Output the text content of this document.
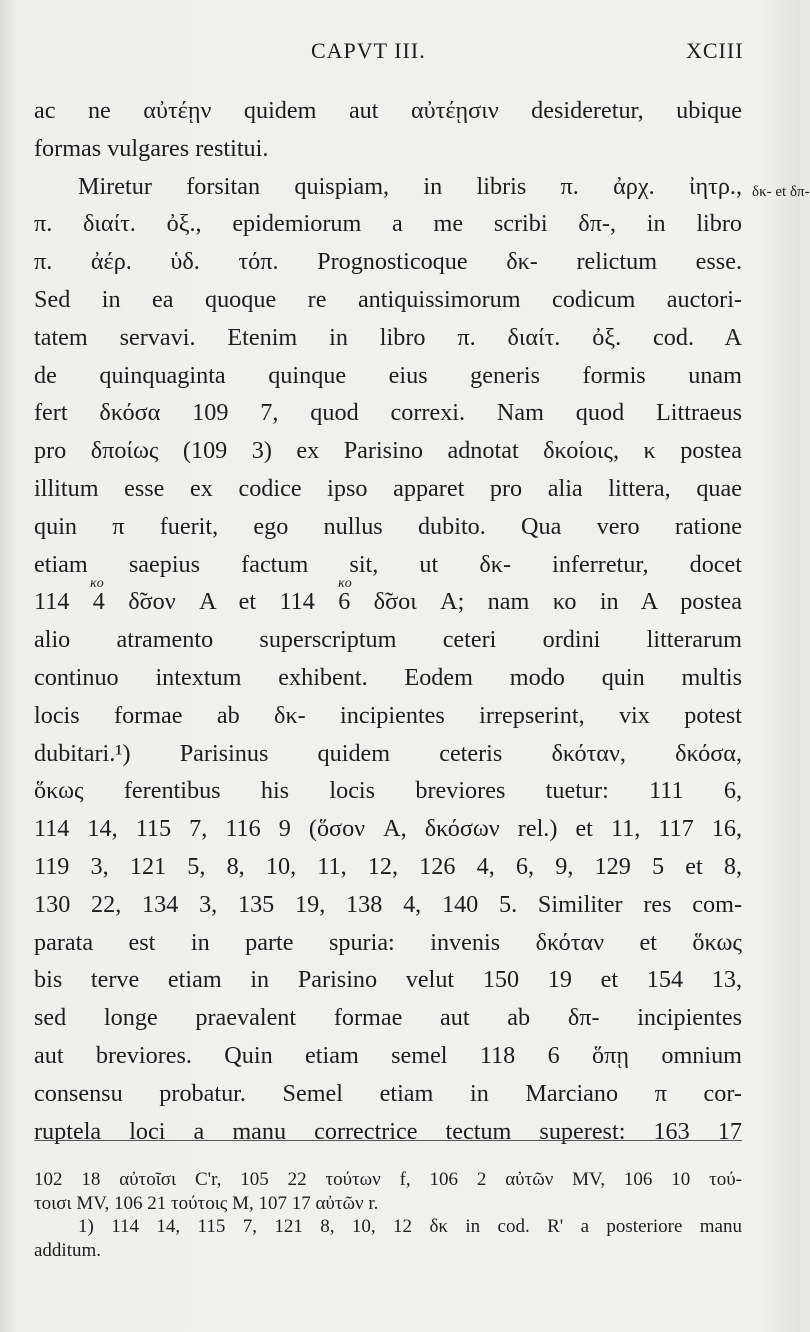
CAPVT III.	XCIII
δκ- et δπ-
ac ne αὐτέῃν quidem aut αὐτέῃσιν desideretur, ubique
formas vulgares restitui.
Miretur forsitan quispiam, in libris π. ἀρχ. ἰητρ.,
π. διαίτ. ὀξ., epidemiorum a me scribi δπ-, in libro
π. ἀέρ. ὑδ. τόπ. Prognosticoque δκ- relictum esse.
Sed in ea quoque re antiquissimorum codicum auctori-
tatem servavi. Etenim in libro π. διαίτ. ὀξ. cod. A
de quinquaginta quinque eius generis formis unam
fert δκόσα 109 7, quod correxi. Nam quod Littraeus
pro δποίως (109 3) ex Parisino adnotat δκοίοις, κ postea
illitum esse ex codice ipso apparet pro alia littera, quae
quin π fuerit, ego nullus dubito. Qua vero ratione
etiam saepius factum sit, ut δκ- inferretur, docet
κο	κο
114 4 δ̃σον A et 114 6 δ̃σοι A; nam κο in A postea
alio atramento superscriptum ceteri ordini litterarum
continuo intextum exhibent. Eodem modo quin multis
locis formae ab δκ- incipientes irrepserint, vix potest
dubitari.¹) Parisinus quidem ceteris δκόταν, δκόσα,
ὅκως ferentibus his locis breviores tuetur: 111 6,
114 14, 115 7, 116 9 (ὅσον A, δκόσων rel.) et 11, 117 16,
119 3, 121 5, 8, 10, 11, 12, 126 4, 6, 9, 129 5 et 8,
130 22, 134 3, 135 19, 138 4, 140 5. Similiter res com-
parata est in parte spuria: invenis δκόταν et ὅκως
bis terve etiam in Parisino velut 150 19 et 154 13,
sed longe praevalent formae aut ab δπ- incipientes
aut breviores. Quin etiam semel 118 6 ὅπῃ omnium
consensu probatur. Semel etiam in Marciano π cor-
ruptela loci a manu correctrice tectum superest: 163 17
102 18 αὐτοῖσι C'r, 105 22 τούτων f, 106 2 αὐτῶν MV, 106 10 τού-
τοισι MV, 106 21 τούτοις M, 107 17 αὐτῶν r.
1) 114 14, 115 7, 121 8, 10, 12 δκ in cod. R' a posteriore manu
additum.
